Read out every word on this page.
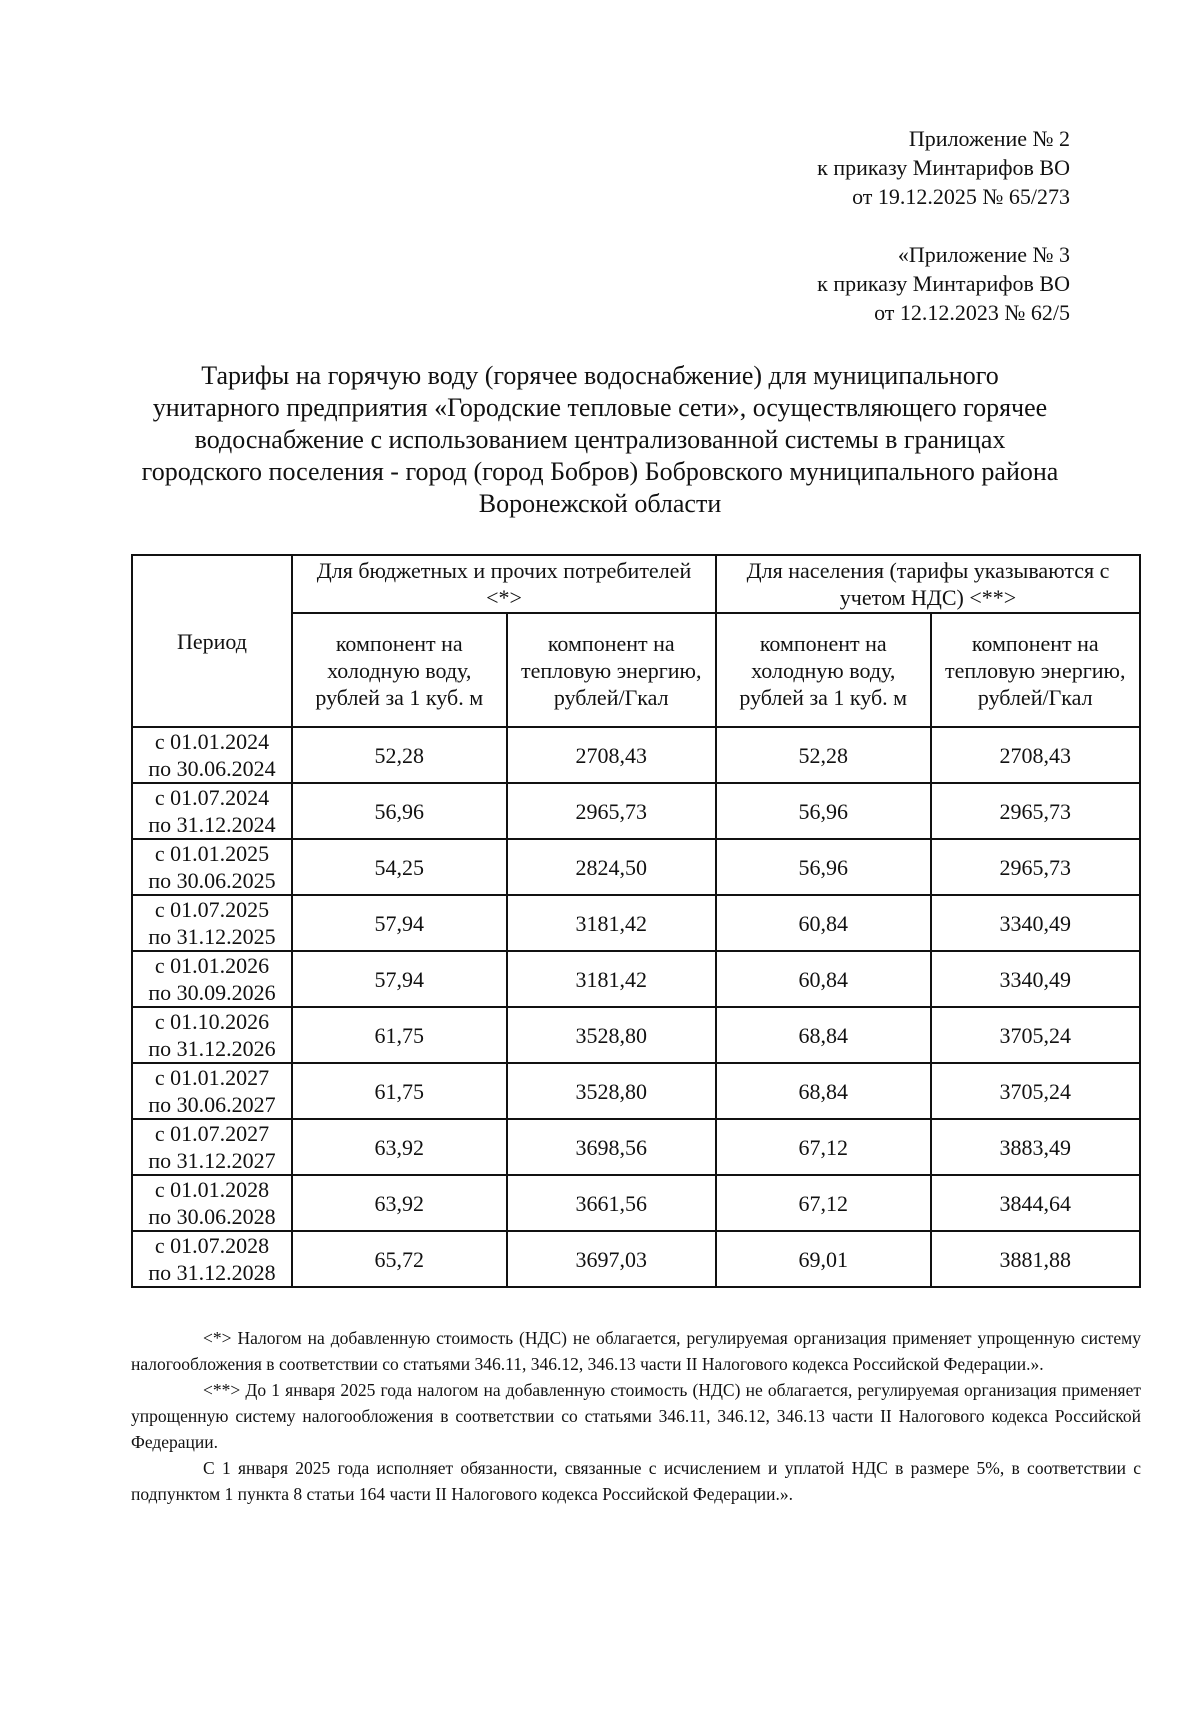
Приложение № 2
к приказу Минтарифов ВО
от 19.12.2025 № 65/273
«Приложение № 3
к приказу Минтарифов ВО
от 12.12.2023 № 62/5
Тарифы на горячую воду (горячее водоснабжение) для муниципального
унитарного предприятия «Городские тепловые сети», осуществляющего горячее
водоснабжение с использованием централизованной системы в границах
городского поселения - город (город Бобров) Бобровского муниципального района
Воронежской области
Период	Для бюджетных и прочих потребителей <*>		Для населения (тарифы указываются с учетом НДС) <**>	
	компонент на холодную воду, рублей за 1 куб. м	компонент на тепловую энергию, рублей/Гкал	компонент на холодную воду, рублей за 1 куб. м	компонент на тепловую энергию, рублей/Гкал

с 01.01.2024
по 30.06.2024	52,28	2708,43	52,28	2708,43

с 01.07.2024
по 31.12.2024	56,96	2965,73	56,96	2965,73

с 01.01.2025
по 30.06.2025	54,25	2824,50	56,96	2965,73

с 01.07.2025
по 31.12.2025	57,94	3181,42	60,84	3340,49

с 01.01.2026
по 30.09.2026	57,94	3181,42	60,84	3340,49

с 01.10.2026
по 31.12.2026	61,75	3528,80	68,84	3705,24

с 01.01.2027
по 30.06.2027	61,75	3528,80	68,84	3705,24

с 01.07.2027
по 31.12.2027	63,92	3698,56	67,12	3883,49

с 01.01.2028
по 30.06.2028	63,92	3661,56	67,12	3844,64

с 01.07.2028
по 31.12.2028	65,72	3697,03	69,01	3881,88

<*> Налогом на добавленную стоимость (НДС) не облагается, регулируемая организация применяет упрощенную систему налогообложения в соответствии со статьями 346.11, 346.12, 346.13 части II Налогового кодекса Российской Федерации.».

<**> До 1 января 2025 года налогом на добавленную стоимость (НДС) не облагается, регулируемая организация применяет упрощенную систему налогообложения в соответствии со статьями 346.11, 346.12, 346.13 части II Налогового кодекса Российской Федерации.

С 1 января 2025 года исполняет обязанности, связанные с исчислением и уплатой НДС в размере 5%, в соответствии с подпунктом 1 пункта 8 статьи 164 части II Налогового кодекса Российской Федерации.».
